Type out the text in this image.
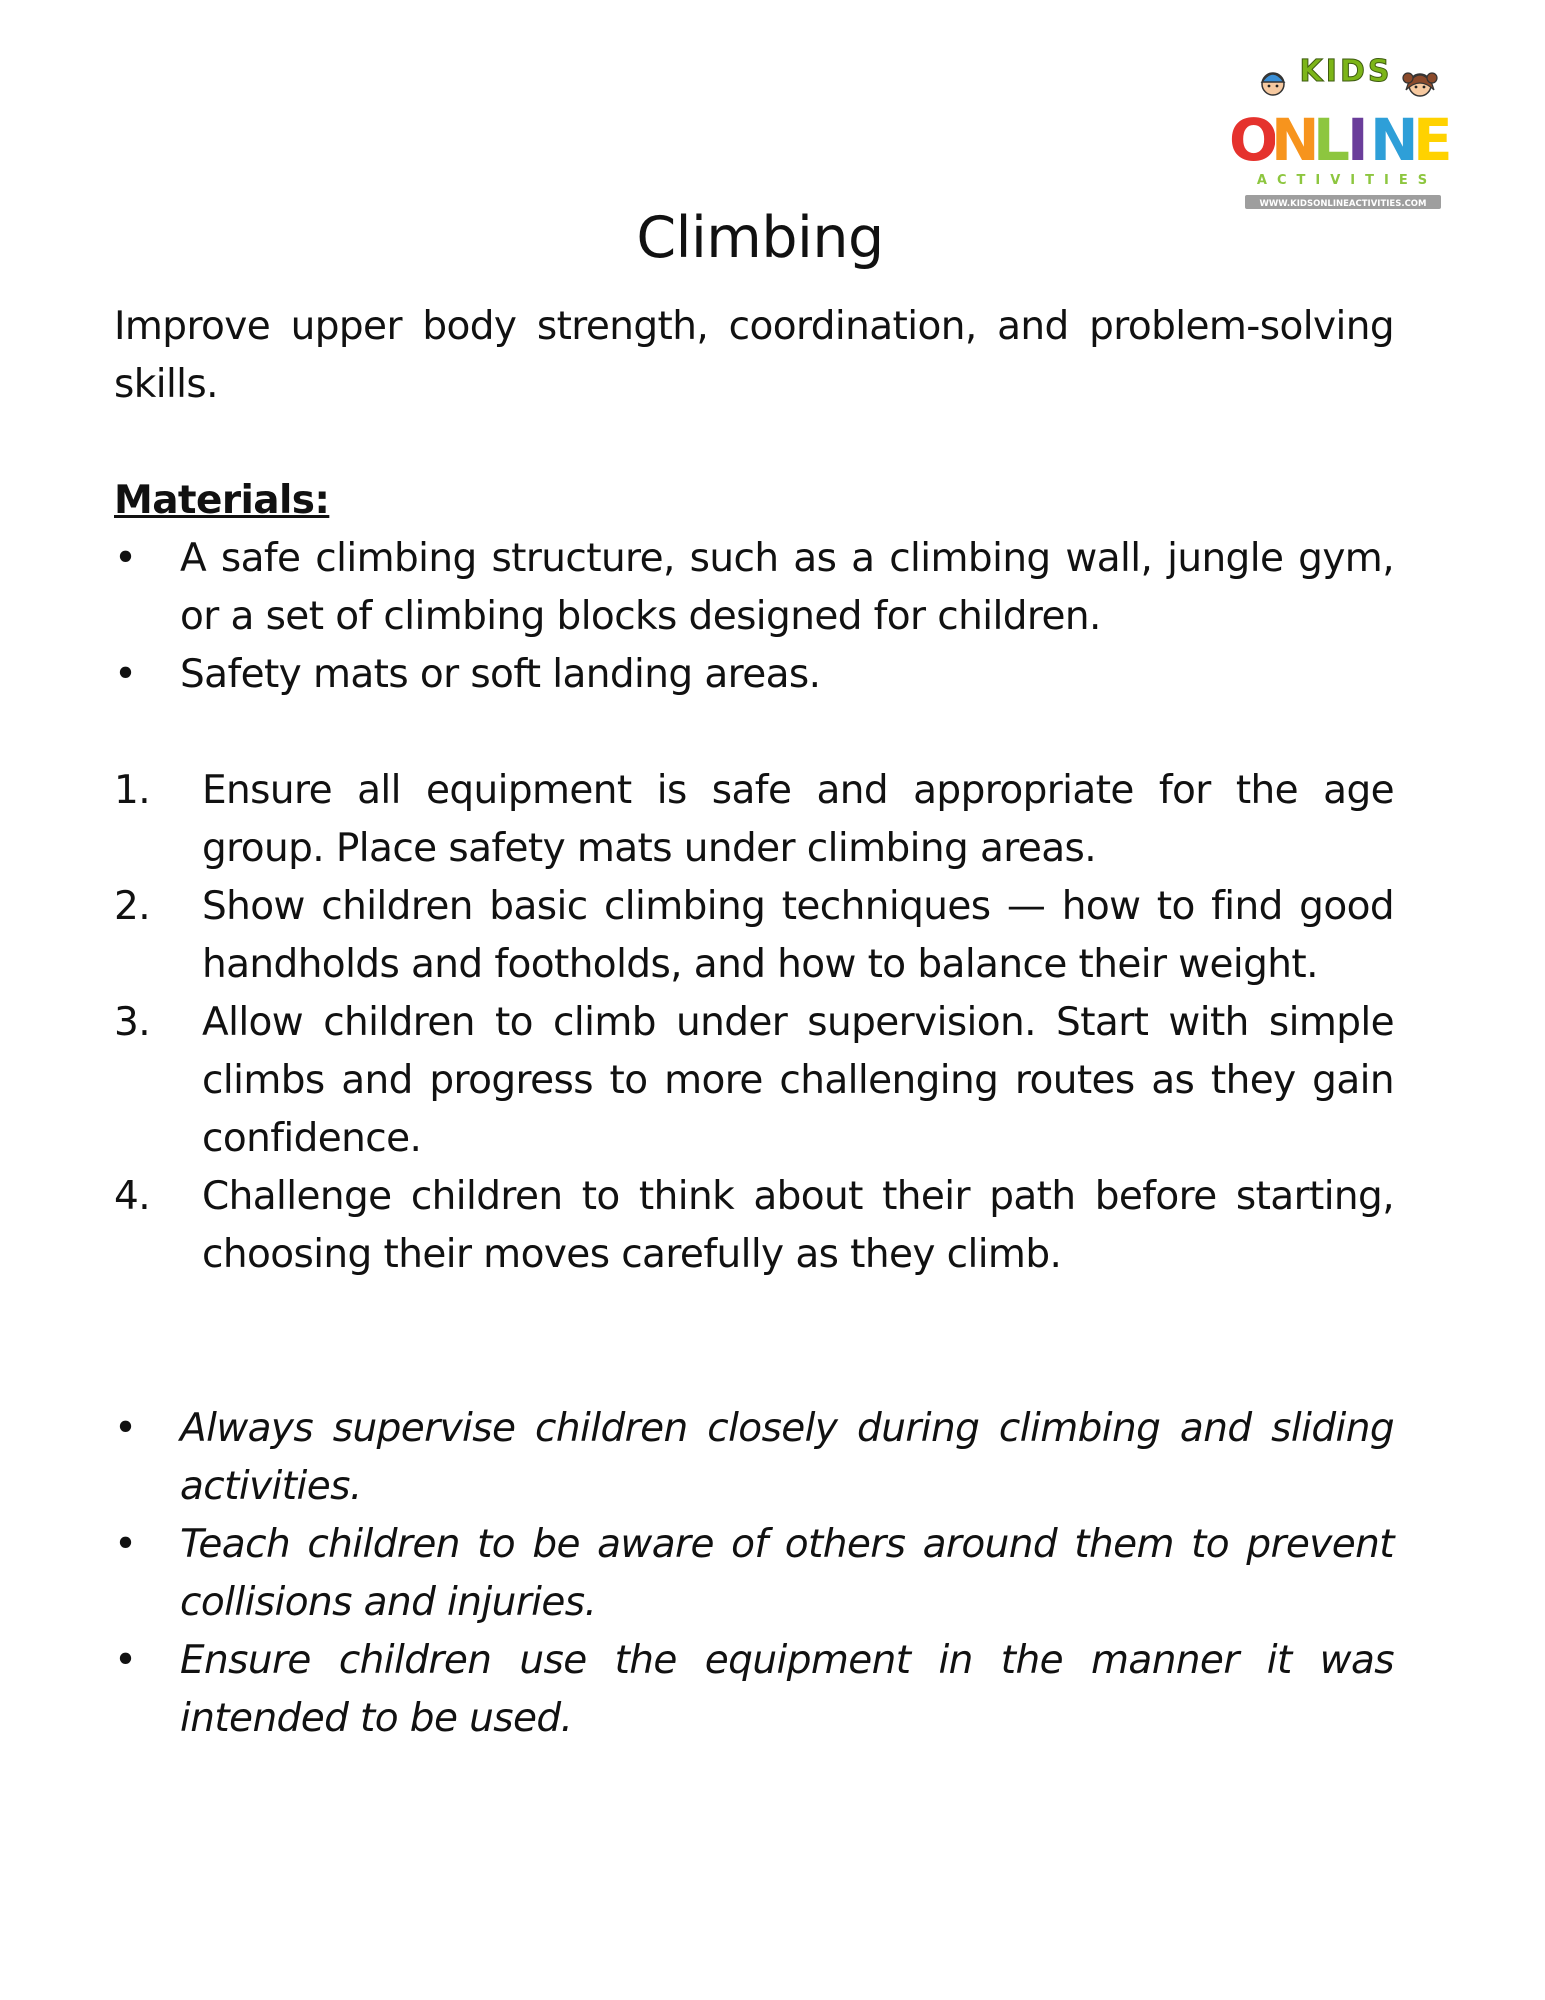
KIDS
O
N
L
I N
E
ACTIVITIES
WWW.KIDSONLINEACTIVITIES.COM
Climbing

Improve upper body strength, coordination, and problem-solving skills.

Materials:
• A safe climbing structure, such as a climbing wall, jungle gym, or a set of climbing blocks designed for children.
• Safety mats or soft landing areas.
1. Ensure all equipment is safe and appropriate for the age group. Place safety mats under climbing areas.
2. Show children basic climbing techniques — how to find good handholds and footholds, and how to balance their weight.
3. Allow children to climb under supervision. Start with simple climbs and progress to more challenging routes as they gain confidence.
4. Challenge children to think about their path before starting, choosing their moves carefully as they climb.
• Always supervise children closely during climbing and sliding activities.
• Teach children to be aware of others around them to prevent collisions and injuries.
• Ensure children use the equipment in the manner it was intended to be used.
